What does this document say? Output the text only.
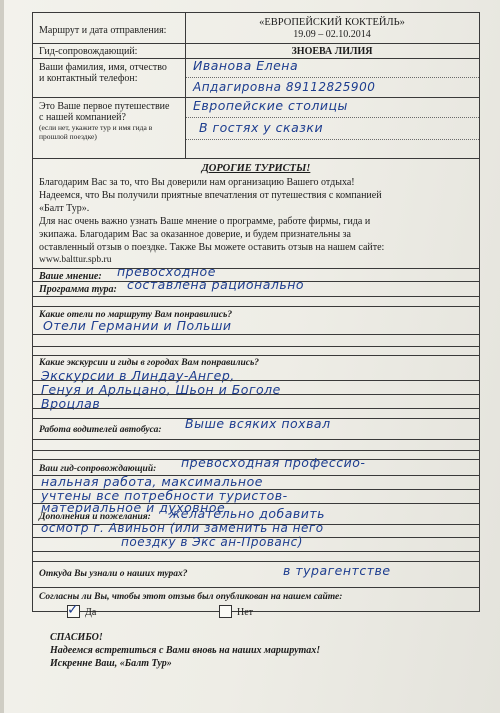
Маршрут и дата отправления:
«ЕВРОПЕЙСКИЙ КОКТЕЙЛЬ»
19.09 – 02.10.2014
Гид-сопровождающий:	ЗНОЕВА ЛИЛИЯ
Ваши фамилия, имя, отчество
и контактный телефон:
Иванова Елена
Апдагировна 89112825900
Это Ваше первое путешествие
с нашей компанией?
(если нет, укажите тур и имя гида в
прошлой поездке)
Европейские столицы
В гостях у сказки
ДОРОГИЕ ТУРИСТЫ!
Благодарим Вас за то, что Вы доверили нам организацию Вашего отдыха!
Надеемся, что Вы получили приятные впечатления от путешествия с компанией
«Балт Тур».
Для нас очень важно узнать Ваше мнение о программе, работе фирмы, гида и
экипажа. Благодарим Вас за оказанное доверие, и будем признательны за
оставленный отзыв о поездке. Также Вы можете оставить отзыв на нашем сайте:
www.balttur.spb.ru
Ваше мнение: превосходное
Программа тура: составлена рационально
Какие отели по маршруту Вам понравились?
Отели Германии и Польши
Какие экскурсии и гиды в городах Вам понравились?
Экскурсии в Линдау-Ангер,
Генуя и Арльцано, Шьон и Боголе
Вроцлав
Работа водителей автобуса: Выше всяких похвал
Ваш гид-сопровождающий: превосходная профессио-
нальная работа, максимальное
учтены все потребности туристов-
материальное и духовное
Дополнения и пожелания: желательно добавить
осмотр г. Авиньон (или заменить на него
поездку в Экс ан-Прованс)
Откуда Вы узнали о наших турах?	в турагентстве
Согласны ли Вы, чтобы этот отзыв был опубликован на нашем сайте:
✓ Да	Нет
СПАСИБО!
Надеемся встретиться с Вами вновь на наших маршрутах!
Искренне Ваш, «Балт Тур»
